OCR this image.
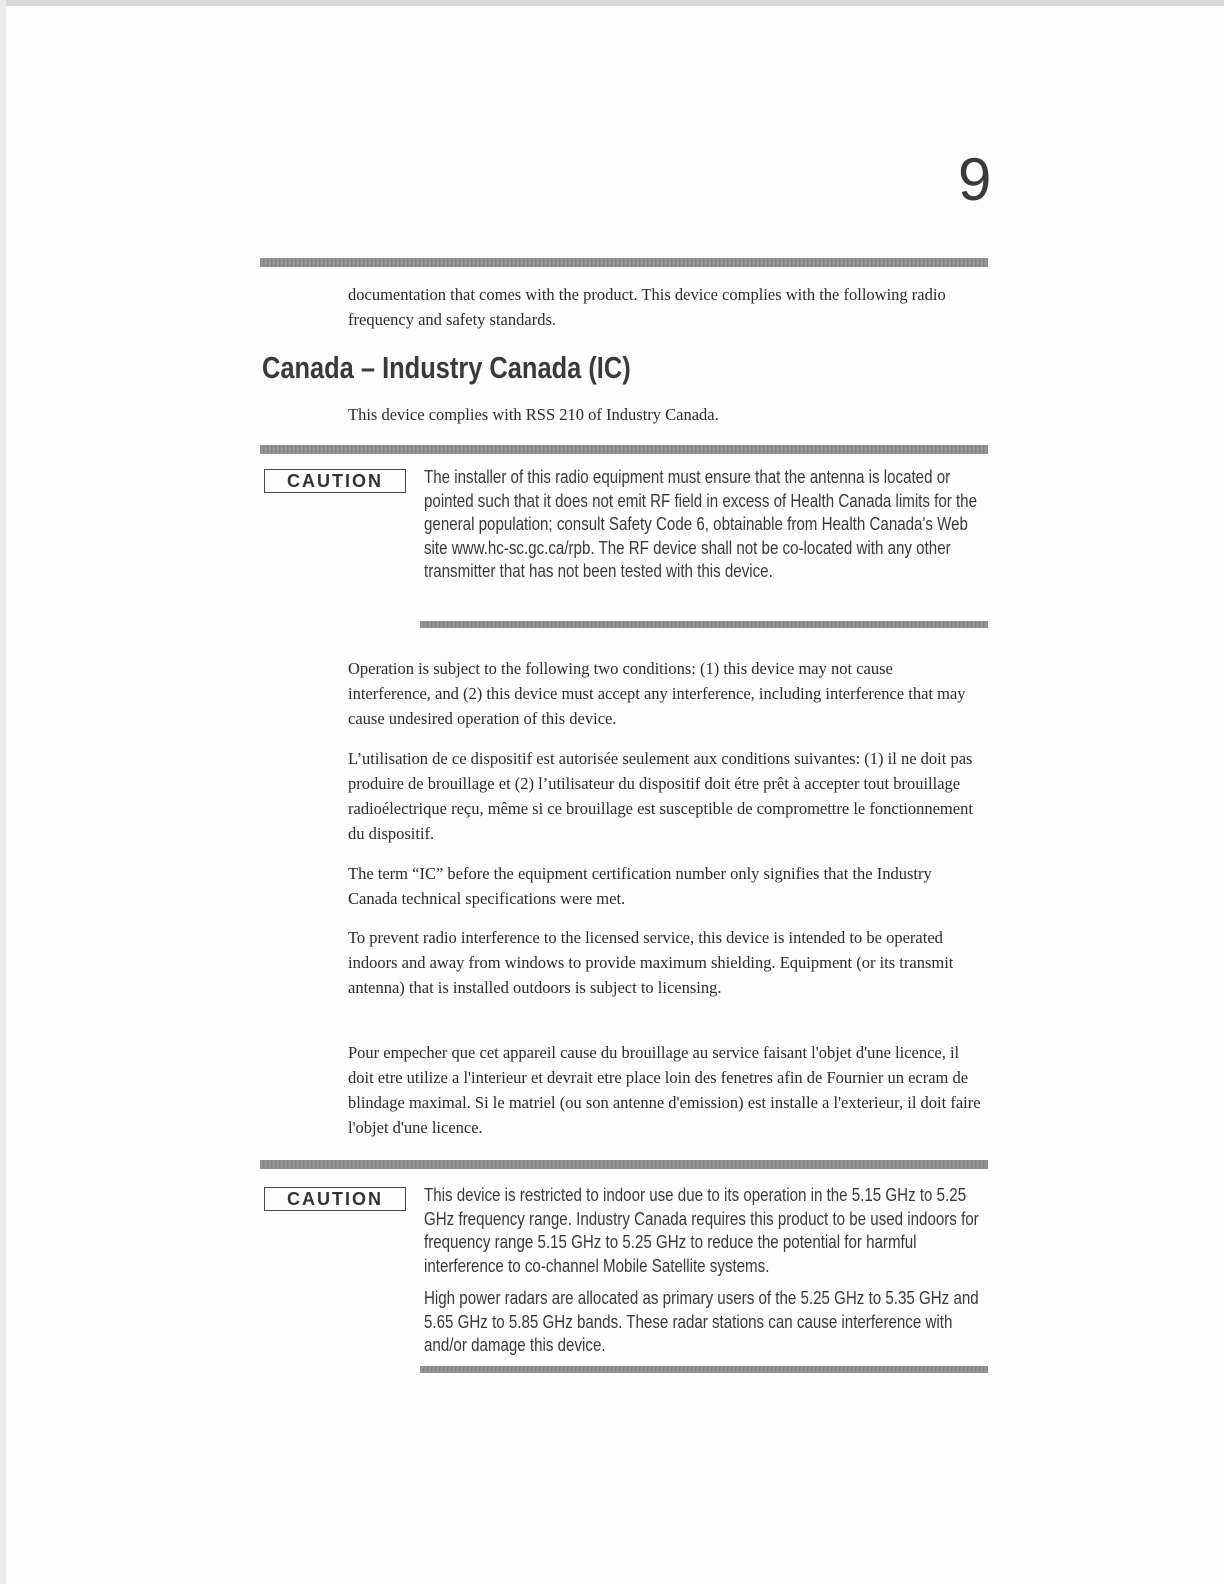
9

documentation that comes with the product. This device complies with the following radio frequency and safety standards.

Canada – Industry Canada (IC)

This device complies with RSS 210 of Industry Canada.

CAUTION	The installer of this radio equipment must ensure that the antenna is located or pointed such that it does not emit RF field in excess of Health Canada limits for the general population; consult Safety Code 6, obtainable from Health Canada's Web site www.hc-sc.gc.ca/rpb. The RF device shall not be co-located with any other transmitter that has not been tested with this device.

Operation is subject to the following two conditions: (1) this device may not cause interference, and (2) this device must accept any interference, including interference that may cause undesired operation of this device.

L’utilisation de ce dispositif est autorisée seulement aux conditions suivantes: (1) il ne doit pas produire de brouillage et (2) l’utilisateur du dispositif doit étre prêt à accepter tout brouillage radioélectrique reçu, même si ce brouillage est susceptible de compromettre le fonctionnement du dispositif.

The term “IC” before the equipment certification number only signifies that the Industry Canada technical specifications were met.

To prevent radio interference to the licensed service, this device is intended to be operated indoors and away from windows to provide maximum shielding. Equipment (or its transmit antenna) that is installed outdoors is subject to licensing.

Pour empecher que cet appareil cause du brouillage au service faisant l'objet d'une licence, il doit etre utilize a l'interieur et devrait etre place loin des fenetres afin de Fournier un ecram de blindage maximal. Si le matriel (ou son antenne d'emission) est installe a l'exterieur, il doit faire l'objet d'une licence.

CAUTION	This device is restricted to indoor use due to its operation in the 5.15 GHz to 5.25 GHz frequency range. Industry Canada requires this product to be used indoors for frequency range 5.15 GHz to 5.25 GHz to reduce the potential for harmful interference to co-channel Mobile Satellite systems.

High power radars are allocated as primary users of the 5.25 GHz to 5.35 GHz and 5.65 GHz to 5.85 GHz bands. These radar stations can cause interference with and/or damage this device.
